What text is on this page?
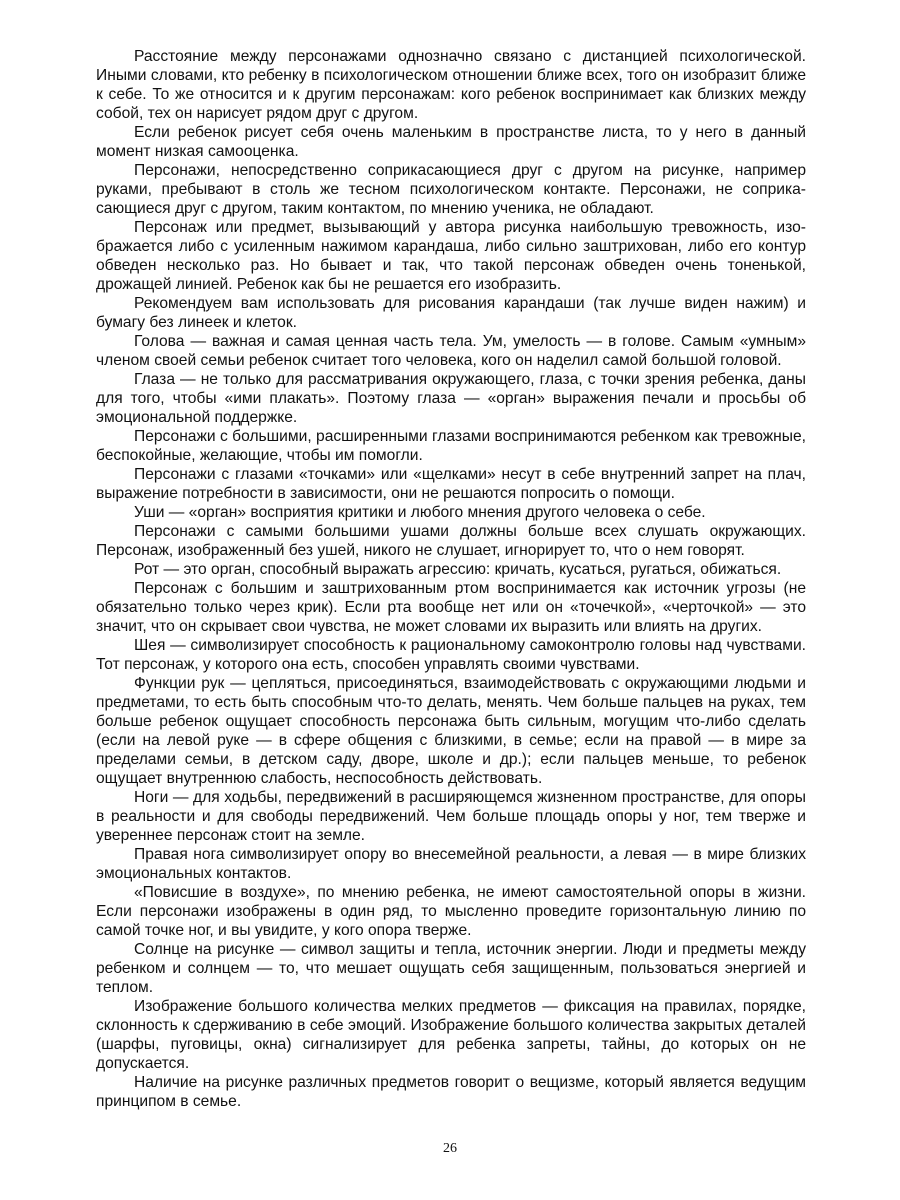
Расстояние между персонажами однозначно связано с дистанцией психологической. Иными словами, кто ребенку в психологическом отношении ближе всех, того он изобразит ближе к себе. То же относится и к другим персонажам: кого ребенок воспринимает как близких между собой, тех он нарисует рядом друг с другом.

Если ребенок рисует себя очень маленьким в пространстве листа, то у него в данный момент низкая самооценка.

Персонажи, непосредственно соприкасающиеся друг с другом на рисунке, например руками, пребывают в столь же тесном психологическом контакте. Персонажи, не соприкасающиеся друг с другом, таким контактом, по мнению ученика, не обладают.

Персонаж или предмет, вызывающий у автора рисунка наибольшую тревожность, изображается либо с усиленным нажимом карандаша, либо сильно заштрихован, либо его контур обведен несколько раз. Но бывает и так, что такой персонаж обведен очень тоненькой, дрожащей линией. Ребенок как бы не решается его изобразить.

Рекомендуем вам использовать для рисования карандаши (так лучше виден нажим) и бумагу без линеек и клеток.

Голова — важная и самая ценная часть тела. Ум, умелость — в голове. Самым «умным» членом своей семьи ребенок считает того человека, кого он наделил самой большой головой.

Глаза — не только для рассматривания окружающего, глаза, с точки зрения ребенка, даны для того, чтобы «ими плакать». Поэтому глаза — «орган» выражения печали и просьбы об эмоциональной поддержке.

Персонажи с большими, расширенными глазами воспринимаются ребенком как тревожные, беспокойные, желающие, чтобы им помогли.

Персонажи с глазами «точками» или «щелками» несут в себе внутренний запрет на плач, выражение потребности в зависимости, они не решаются попросить о помощи.

Уши — «орган» восприятия критики и любого мнения другого человека о себе.

Персонажи с самыми большими ушами должны больше всех слушать окружающих. Персонаж, изображенный без ушей, никого не слушает, игнорирует то, что о нем говорят.

Рот — это орган, способный выражать агрессию: кричать, кусаться, ругаться, обижаться.

Персонаж с большим и заштрихованным ртом воспринимается как источник угрозы (не обязательно только через крик). Если рта вообще нет или он «точечкой», «черточкой» — это значит, что он скрывает свои чувства, не может словами их выразить или влиять на других.

Шея — символизирует способность к рациональному самоконтролю головы над чувствами. Тот персонаж, у которого она есть, способен управлять своими чувствами.

Функции рук — цепляться, присоединяться, взаимодействовать с окружающими людьми и предметами, то есть быть способным что-то делать, менять. Чем больше пальцев на руках, тем больше ребенок ощущает способность персонажа быть сильным, могущим что-либо сделать (если на левой руке — в сфере общения с близкими, в семье; если на правой — в мире за пределами семьи, в детском саду, дворе, школе и др.); если пальцев меньше, то ребенок ощущает внутреннюю слабость, неспособность действовать.

Ноги — для ходьбы, передвижений в расширяющемся жизненном пространстве, для опоры в реальности и для свободы передвижений. Чем больше площадь опоры у ног, тем тверже и увереннее персонаж стоит на земле.

Правая нога символизирует опору во внесемейной реальности, а левая — в мире близких эмоциональных контактов.

«Повисшие в воздухе», по мнению ребенка, не имеют самостоятельной опоры в жизни. Если персонажи изображены в один ряд, то мысленно проведите горизонтальную линию по самой точке ног, и вы увидите, у кого опора тверже.

Солнце на рисунке — символ защиты и тепла, источник энергии. Люди и предметы между ребенком и солнцем — то, что мешает ощущать себя защищенным, пользоваться энергией и теплом.

Изображение большого количества мелких предметов — фиксация на правилах, порядке, склонность к сдерживанию в себе эмоций. Изображение большого количества закрытых деталей (шарфы, пуговицы, окна) сигнализирует для ребенка запреты, тайны, до которых он не допускается.

Наличие на рисунке различных предметов говорит о вещизме, который является ведущим принципом в семье.

26
